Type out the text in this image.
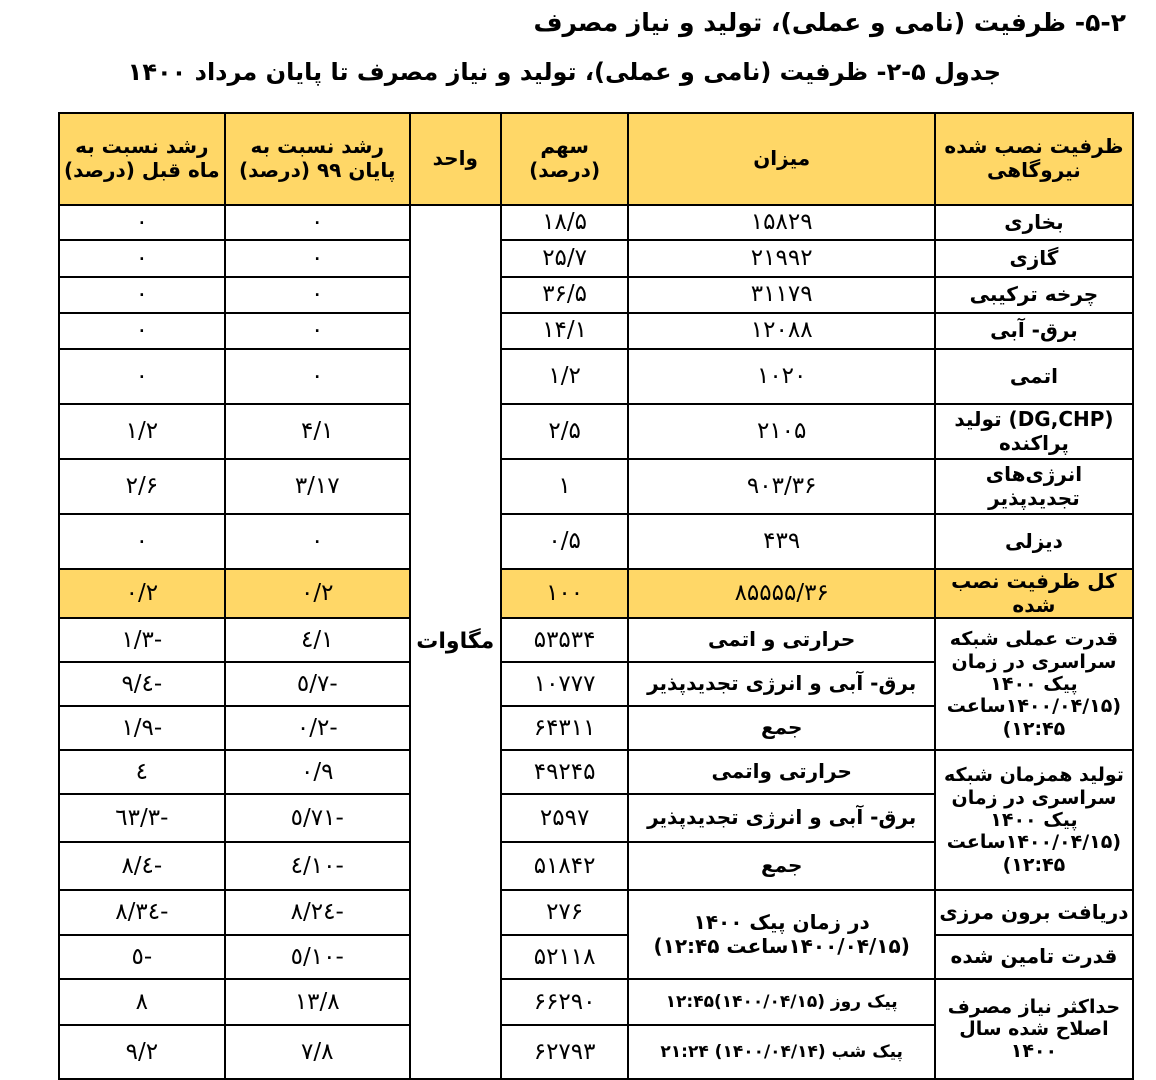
۵-۲- ظرفیت (نامی و عملی)، تولید و نیاز مصرف
جدول ۵-۲- ظرفیت (نامی و عملی)، تولید و نیاز مصرف تا پایان مرداد ۱۴۰۰
ظرفیت نصب شده نیروگاهی	میزان	سهم (درصد)	واحد	رشد نسبت به پایان ۹۹ (درصد)	رشد نسبت به ماه قبل (درصد)
بخاری	۱۵۸۲۹	۱۸/۵	مگاوات	۰	۰
گازی	۲۱۹۹۲	۲۵/۷		۰	۰
چرخه ترکیبی	۳۱۱۷۹	۳۶/۵		۰	۰
برق- آبی	۱۲۰۸۸	۱۴/۱		۰	۰
اتمی	۱۰۲۰	۱/۲		۰	۰
(DG,CHP) تولید پراکنده	۲۱۰۵	۲/۵		۴/۱	۱/۲
انرژی‌های تجدیدپذیر	۹۰۳/۳۶	۱		۳/۱۷	۲/۶
دیزلی	۴۳۹	۰/۵		۰	۰
کل ظرفیت نصب شده	۸۵۵۵۵/۳۶	۱۰۰		۰/۲	۰/۲
قدرت عملی شبکه سراسری در زمان پیک ۱۴۰۰ (۱۴۰۰/۰۴/۱۵ساعت ۱۲:۴۵)	حرارتی و اتمی	۵۳۵۳۴		۱/٤	-۱/۳
	برق- آبی و انرژی تجدیدپذیر	۱۰۷۷۷		-۷/٥	-٤/۹
	جمع	۶۴۳۱۱		-۰/۲	-۱/۹
تولید همزمان شبکه سراسری در زمان پیک ۱۴۰۰ (۱۴۰۰/۰۴/۱۵ساعت ۱۲:۴۵)	حرارتی واتمی	۴۹۲۴۵		۰/۹	٤
	برق- آبی و انرژی تجدیدپذیر	۲۵۹۷		-۷۱/٥	-٦۳/۳
	جمع	۵۱۸۴۲		-۱۰/٤	-٤/۸
دریافت برون مرزی	در زمان پیک ۱۴۰۰ (۱۴۰۰/۰۴/۱۵ساعت ۱۲:۴۵)	۲۷۶		-۲٤/۸	-۳٤/۸
قدرت تامین شده		۵۲۱۱۸		-۱۰/٥	-٥
حداکثر نیاز مصرف اصلاح شده سال ۱۴۰۰	پیک روز (۱۴۰۰/۰۴/۱۵)۱۲:۴۵	۶۶۲۹۰		۱۳/۸	۸
	پیک شب (۱۴۰۰/۰۴/۱۴) ۲۱:۲۴	۶۲۷۹۳		۷/۸	۹/۲
